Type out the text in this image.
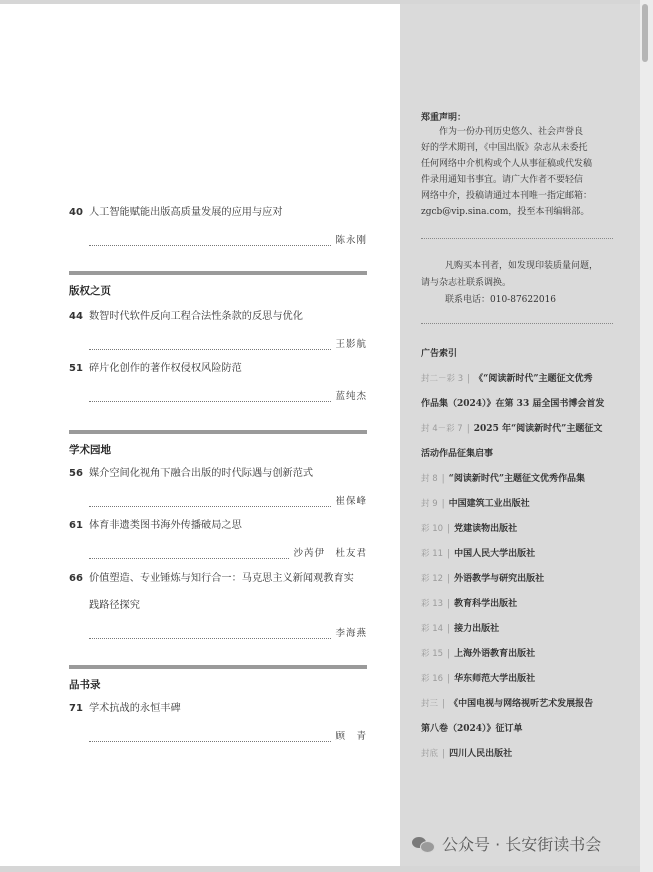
40 人工智能赋能出版高质量发展的应用与应对
陈永刚
版权之页
44 数智时代软件反向工程合法性条款的反思与优化
王影航
51 碎片化创作的著作权侵权风险防范
蓝纯杰
学术园地
56 媒介空间化视角下融合出版的时代际遇与创新范式
崔保峰
61 体育非遗类图书海外传播破局之思
沙芮伊　杜友君
66 价值塑造、专业锤炼与知行合一：马克思主义新闻观教育实
践路径探究
李海燕
品书录
71 学术抗战的永恒丰碑
顾　青
郑重声明：
作为一份办刊历史悠久、社会声誉良
好的学术期刊，《中国出版》杂志从未委托
任何网络中介机构或个人从事征稿或代发稿
件录用通知书事宜。请广大作者不要轻信
网络中介，投稿请通过本刊唯一指定邮箱：
zgcb@vip.sina.com，投至本刊编辑部。
凡购买本刊者，如发现印装质量问题，
请与杂志社联系调换。
联系电话：010-87622016
广告索引
封二－彩 3 | 《“阅读新时代”主题征文优秀
作品集（2024）》在第 33 届全国书博会首发
封 4－彩 7 | 2025 年“阅读新时代”主题征文
活动作品征集启事
封 8 | “阅读新时代”主题征文优秀作品集
封 9 | 中国建筑工业出版社
彩 10 | 党建读物出版社
彩 11 | 中国人民大学出版社
彩 12 | 外语教学与研究出版社
彩 13 | 教育科学出版社
彩 14 | 接力出版社
彩 15 | 上海外语教育出版社
彩 16 | 华东师范大学出版社
封三 | 《中国电视与网络视听艺术发展报告
第八卷（2024）》征订单
封底 | 四川人民出版社
公众号 · 长安街读书会
